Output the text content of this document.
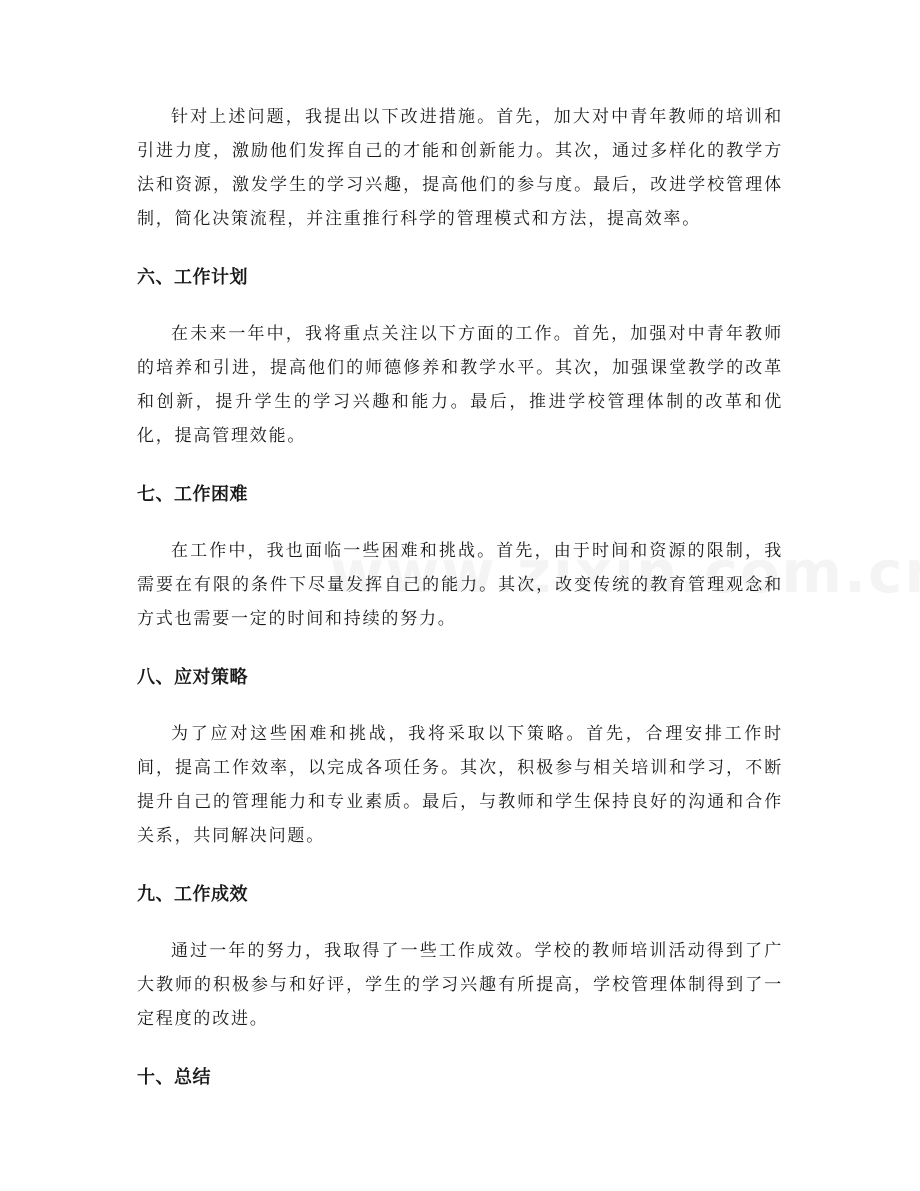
针对上述问题，我提出以下改进措施。首先，加大对中青年教师的培训和引进力度，激励他们发挥自己的才能和创新能力。其次，通过多样化的教学方法和资源，激发学生的学习兴趣，提高他们的参与度。最后，改进学校管理体制，简化决策流程，并注重推行科学的管理模式和方法，提高效率。

六、工作计划

在未来一年中，我将重点关注以下方面的工作。首先，加强对中青年教师的培养和引进，提高他们的师德修养和教学水平。其次，加强课堂教学的改革和创新，提升学生的学习兴趣和能力。最后，推进学校管理体制的改革和优化，提高管理效能。

七、工作困难

在工作中，我也面临一些困难和挑战。首先，由于时间和资源的限制，我需要在有限的条件下尽量发挥自己的能力。其次，改变传统的教育管理观念和方式也需要一定的时间和持续的努力。

八、应对策略

为了应对这些困难和挑战，我将采取以下策略。首先，合理安排工作时间，提高工作效率，以完成各项任务。其次，积极参与相关培训和学习，不断提升自己的管理能力和专业素质。最后，与教师和学生保持良好的沟通和合作关系，共同解决问题。

九、工作成效

通过一年的努力，我取得了一些工作成效。学校的教师培训活动得到了广大教师的积极参与和好评，学生的学习兴趣有所提高，学校管理体制得到了一定程度的改进。

十、总结
